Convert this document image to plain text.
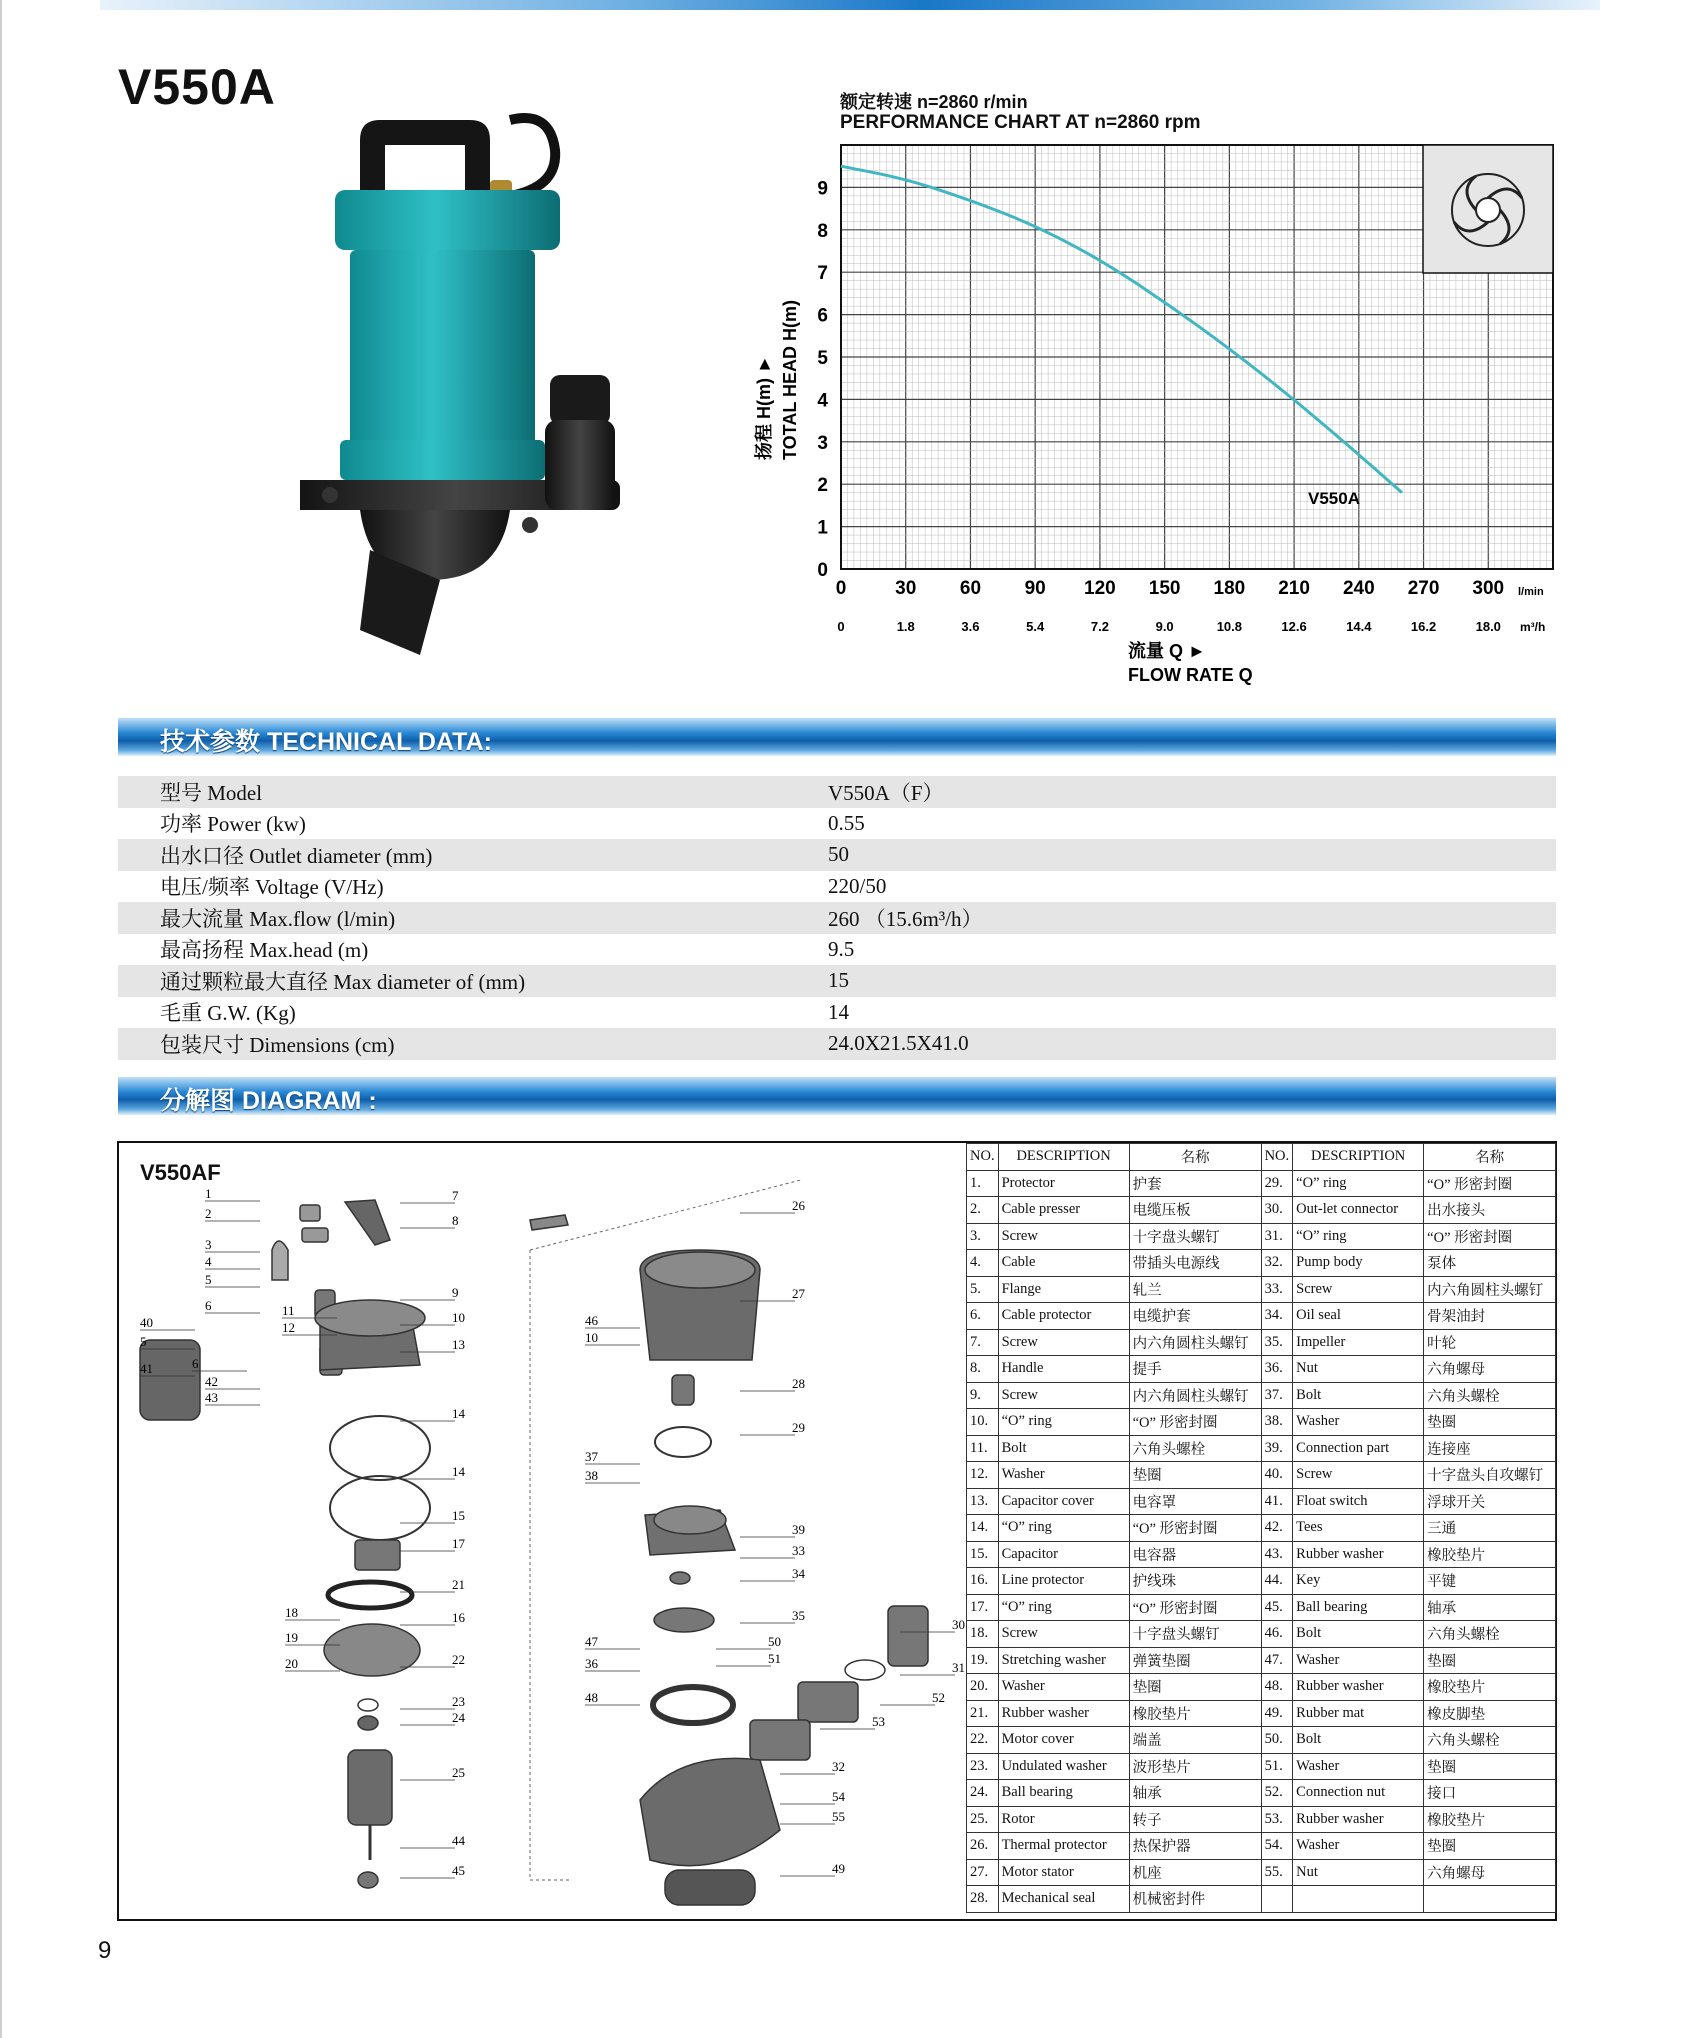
V550A	额定转速 n=2860 r/min
PERFORMANCE CHART AT n=2860 rpm
0	30 60 90 120 150 180 210 240 270 300
0	1.8	3.6	5.4	7.2	9.0	10.8	12.6	14.4	16.2	18.0
0
1
2
3
4
5
6
7
8
9
V550A
扬程 H(m) ► TOTAL HEAD H(m)
l/min
m³/h
流量 Q ►
FLOW RATE Q
技术参数 TECHNICAL DATA:
型号 Model	V550A（F）
功率 Power (kw)	0.55
出水口径 Outlet diameter (mm)	50
电压/频率 Voltage (V/Hz)	220/50
最大流量 Max.flow (l/min)	260 （15.6m³/h）
最高扬程 Max.head (m)	9.5
通过颗粒最大直径 Max diameter of (mm)	15
毛重 G.W. (Kg)	14
包装尺寸 Dimensions (cm)	24.0X21.5X41.0
分解图 DIAGRAM :
V550AF
1
2
3
4
5
6
7
8
9
10
11
12
13
14
14
15
17
21
16
18
19
20	22
23
24
25
44
45
40
5
41	6
42
43
26
27
46
10
28
29
37
38
39
33
34
35
47
36
50
51
48
53
30
31
52
32
54
55
49
NO.	DESCRIPTION	名称	NO.	DESCRIPTION	名称
1.	Protector	护套	29.	“O” ring	“O” 形密封圈
2.	Cable presser	电缆压板	30.	Out-let connector	出水接头
3.	Screw	十字盘头螺钉	31.	“O” ring	“O” 形密封圈
4.	Cable	带插头电源线	32.	Pump body	泵体
5.	Flange	轧兰	33.	Screw	内六角圆柱头螺钉
6.	Cable protector	电缆护套	34.	Oil seal	骨架油封
7.	Screw	内六角圆柱头螺钉	35.	Impeller	叶轮
8.	Handle	提手	36.	Nut	六角螺母
9.	Screw	内六角圆柱头螺钉	37.	Bolt	六角头螺栓
10.	“O” ring	“O” 形密封圈	38.	Washer	垫圈
11.	Bolt	六角头螺栓	39.	Connection part	连接座
12.	Washer	垫圈	40.	Screw	十字盘头自攻螺钉
13.	Capacitor cover	电容罩	41.	Float switch	浮球开关
14.	“O” ring	“O” 形密封圈	42.	Tees	三通
15.	Capacitor	电容器	43.	Rubber washer	橡胶垫片
16.	Line protector	护线珠	44.	Key	平键
17.	“O” ring	“O” 形密封圈	45.	Ball bearing	轴承
18.	Screw	十字盘头螺钉	46.	Bolt	六角头螺栓
19.	Stretching washer	弹簧垫圈	47.	Washer	垫圈
20.	Washer	垫圈	48.	Rubber washer	橡胶垫片
21.	Rubber washer	橡胶垫片	49.	Rubber mat	橡皮脚垫
22.	Motor cover	端盖	50.	Bolt	六角头螺栓
23.	Undulated washer	波形垫片	51.	Washer	垫圈
24.	Ball bearing	轴承	52.	Connection nut	接口
25.	Rotor	转子	53.	Rubber washer	橡胶垫片
26.	Thermal protector	热保护器	54.	Washer	垫圈
27.	Motor stator	机座	55.	Nut	六角螺母
28.	Mechanical seal	机械密封件			
9
